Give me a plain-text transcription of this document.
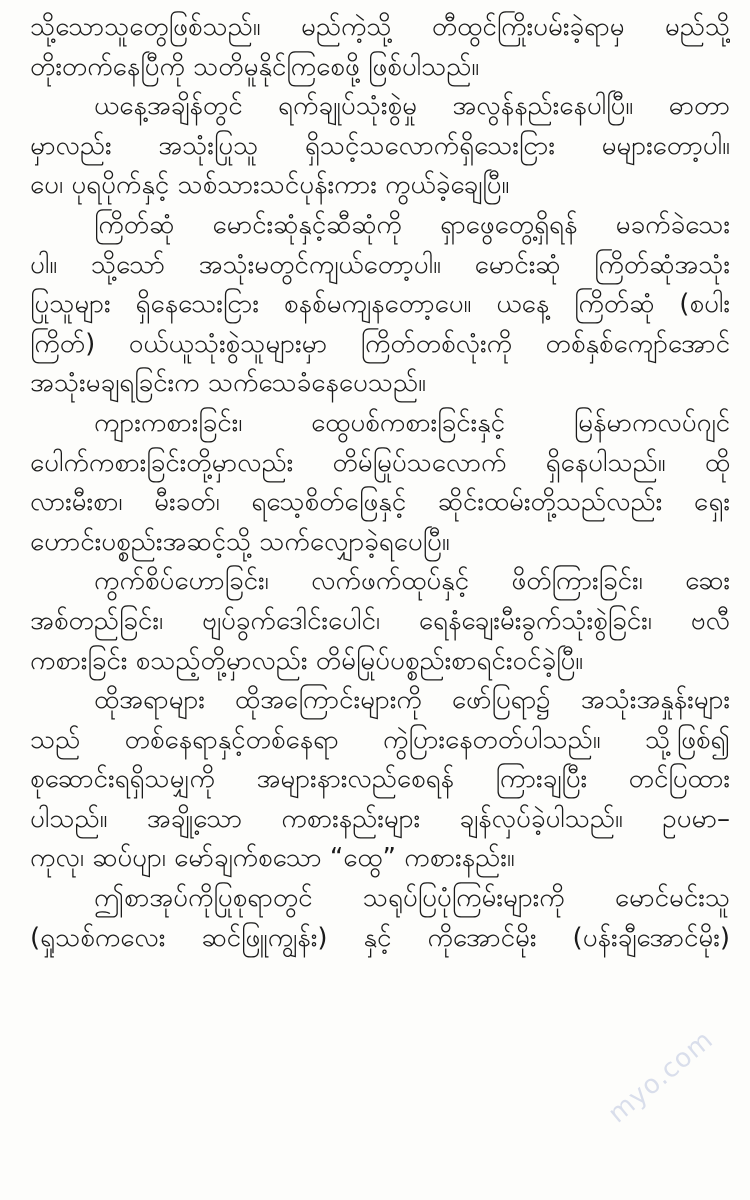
သို့သောသူတွေဖြစ်သည်။ မည်ကဲ့သို့ တီထွင်ကြိုးပမ်းခဲ့ရာမှ မည်သို့
တိုးတက်နေပြီကို သတိမူနိုင်ကြစေဖို့ ဖြစ်ပါသည်။
ယနေ့အချိန်တွင် ရက်ချုပ်သုံးစွဲမှု အလွန်နည်းနေပါပြီ။ ဓာတာ
မှာလည်း အသုံးပြုသူ ရှိသင့်သလောက်ရှိသေးငြား မများတော့ပါ။
ပေ၊ ပုရပိုက်နှင့် သစ်သားသင်ပုန်းကား ကွယ်ခဲ့ချေပြီ။
ကြိတ်ဆုံ မောင်းဆုံနှင့်ဆီဆုံကို ရှာဖွေတွေ့ရှိရန် မခက်ခဲသေး
ပါ။ သို့သော် အသုံးမတွင်ကျယ်တော့ပါ။ မောင်းဆုံ ကြိတ်ဆုံအသုံး
ပြုသူများ ရှိနေသေးငြား စနစ်မကျနတော့ပေ။ ယနေ့ ကြိတ်ဆုံ (စပါး
ကြိတ်) ဝယ်ယူသုံးစွဲသူများမှာ ကြိတ်တစ်လုံးကို တစ်နှစ်ကျော်အောင်
အသုံးမချရခြင်းက သက်သေခံနေပေသည်။
ကျားကစားခြင်း၊ ထွေပစ်ကစားခြင်းနှင့် မြန်မာကလပ်ဂျင်
ပေါက်ကစားခြင်းတို့မှာလည်း တိမ်မြုပ်သလောက် ရှိနေပါသည်။ ထို
လားမီးစာ၊ မီးခတ်၊ ရသေ့စိတ်ဖြေနှင့် ဆိုင်းထမ်းတို့သည်လည်း ရှေး
ဟောင်းပစ္စည်းအဆင့်သို့ သက်လျှောခဲ့ရပေပြီ။
ကွက်စိပ်ဟောခြင်း၊ လက်ဖက်ထုပ်နှင့် ဖိတ်ကြားခြင်း၊ ဆေး
အစ်တည်ခြင်း၊ ဗျပ်ခွက်ဒေါင်းပေါင်၊ ရေနံချေးမီးခွက်သုံးစွဲခြင်း၊ ဗလီ
ကစားခြင်း စသည့်တို့မှာလည်း တိမ်မြုပ်ပစ္စည်းစာရင်းဝင်ခဲ့ပြီ။
ထိုအရာများ ထိုအကြောင်းများကို ဖော်ပြရာ၌ အသုံးအနှုန်းများ
သည် တစ်နေရာနှင့်တစ်နေရာ ကွဲပြားနေတတ်ပါသည်။ သို့ဖြစ်၍
စုဆောင်းရရှိသမျှကို အများနားလည်စေရန် ကြားချပြီး တင်ပြထား
ပါသည်။ အချို့သော ကစားနည်းများ ချန်လှပ်ခဲ့ပါသည်။ ဥပမာ–
ကုလု၊ ဆပ်ပျာ၊ မော်ချက်စသော “ထွေ” ကစားနည်း။
ဤစာအုပ်ကိုပြုစုရာတွင် သရုပ်ပြပုံကြမ်းများကို မောင်မင်းသူ
(ရှုသစ်ကလေး ဆင်ဖြူကျွန်း) နှင့် ကိုအောင်မိုး (ပန်းချီအောင်မိုး)
myo.com
